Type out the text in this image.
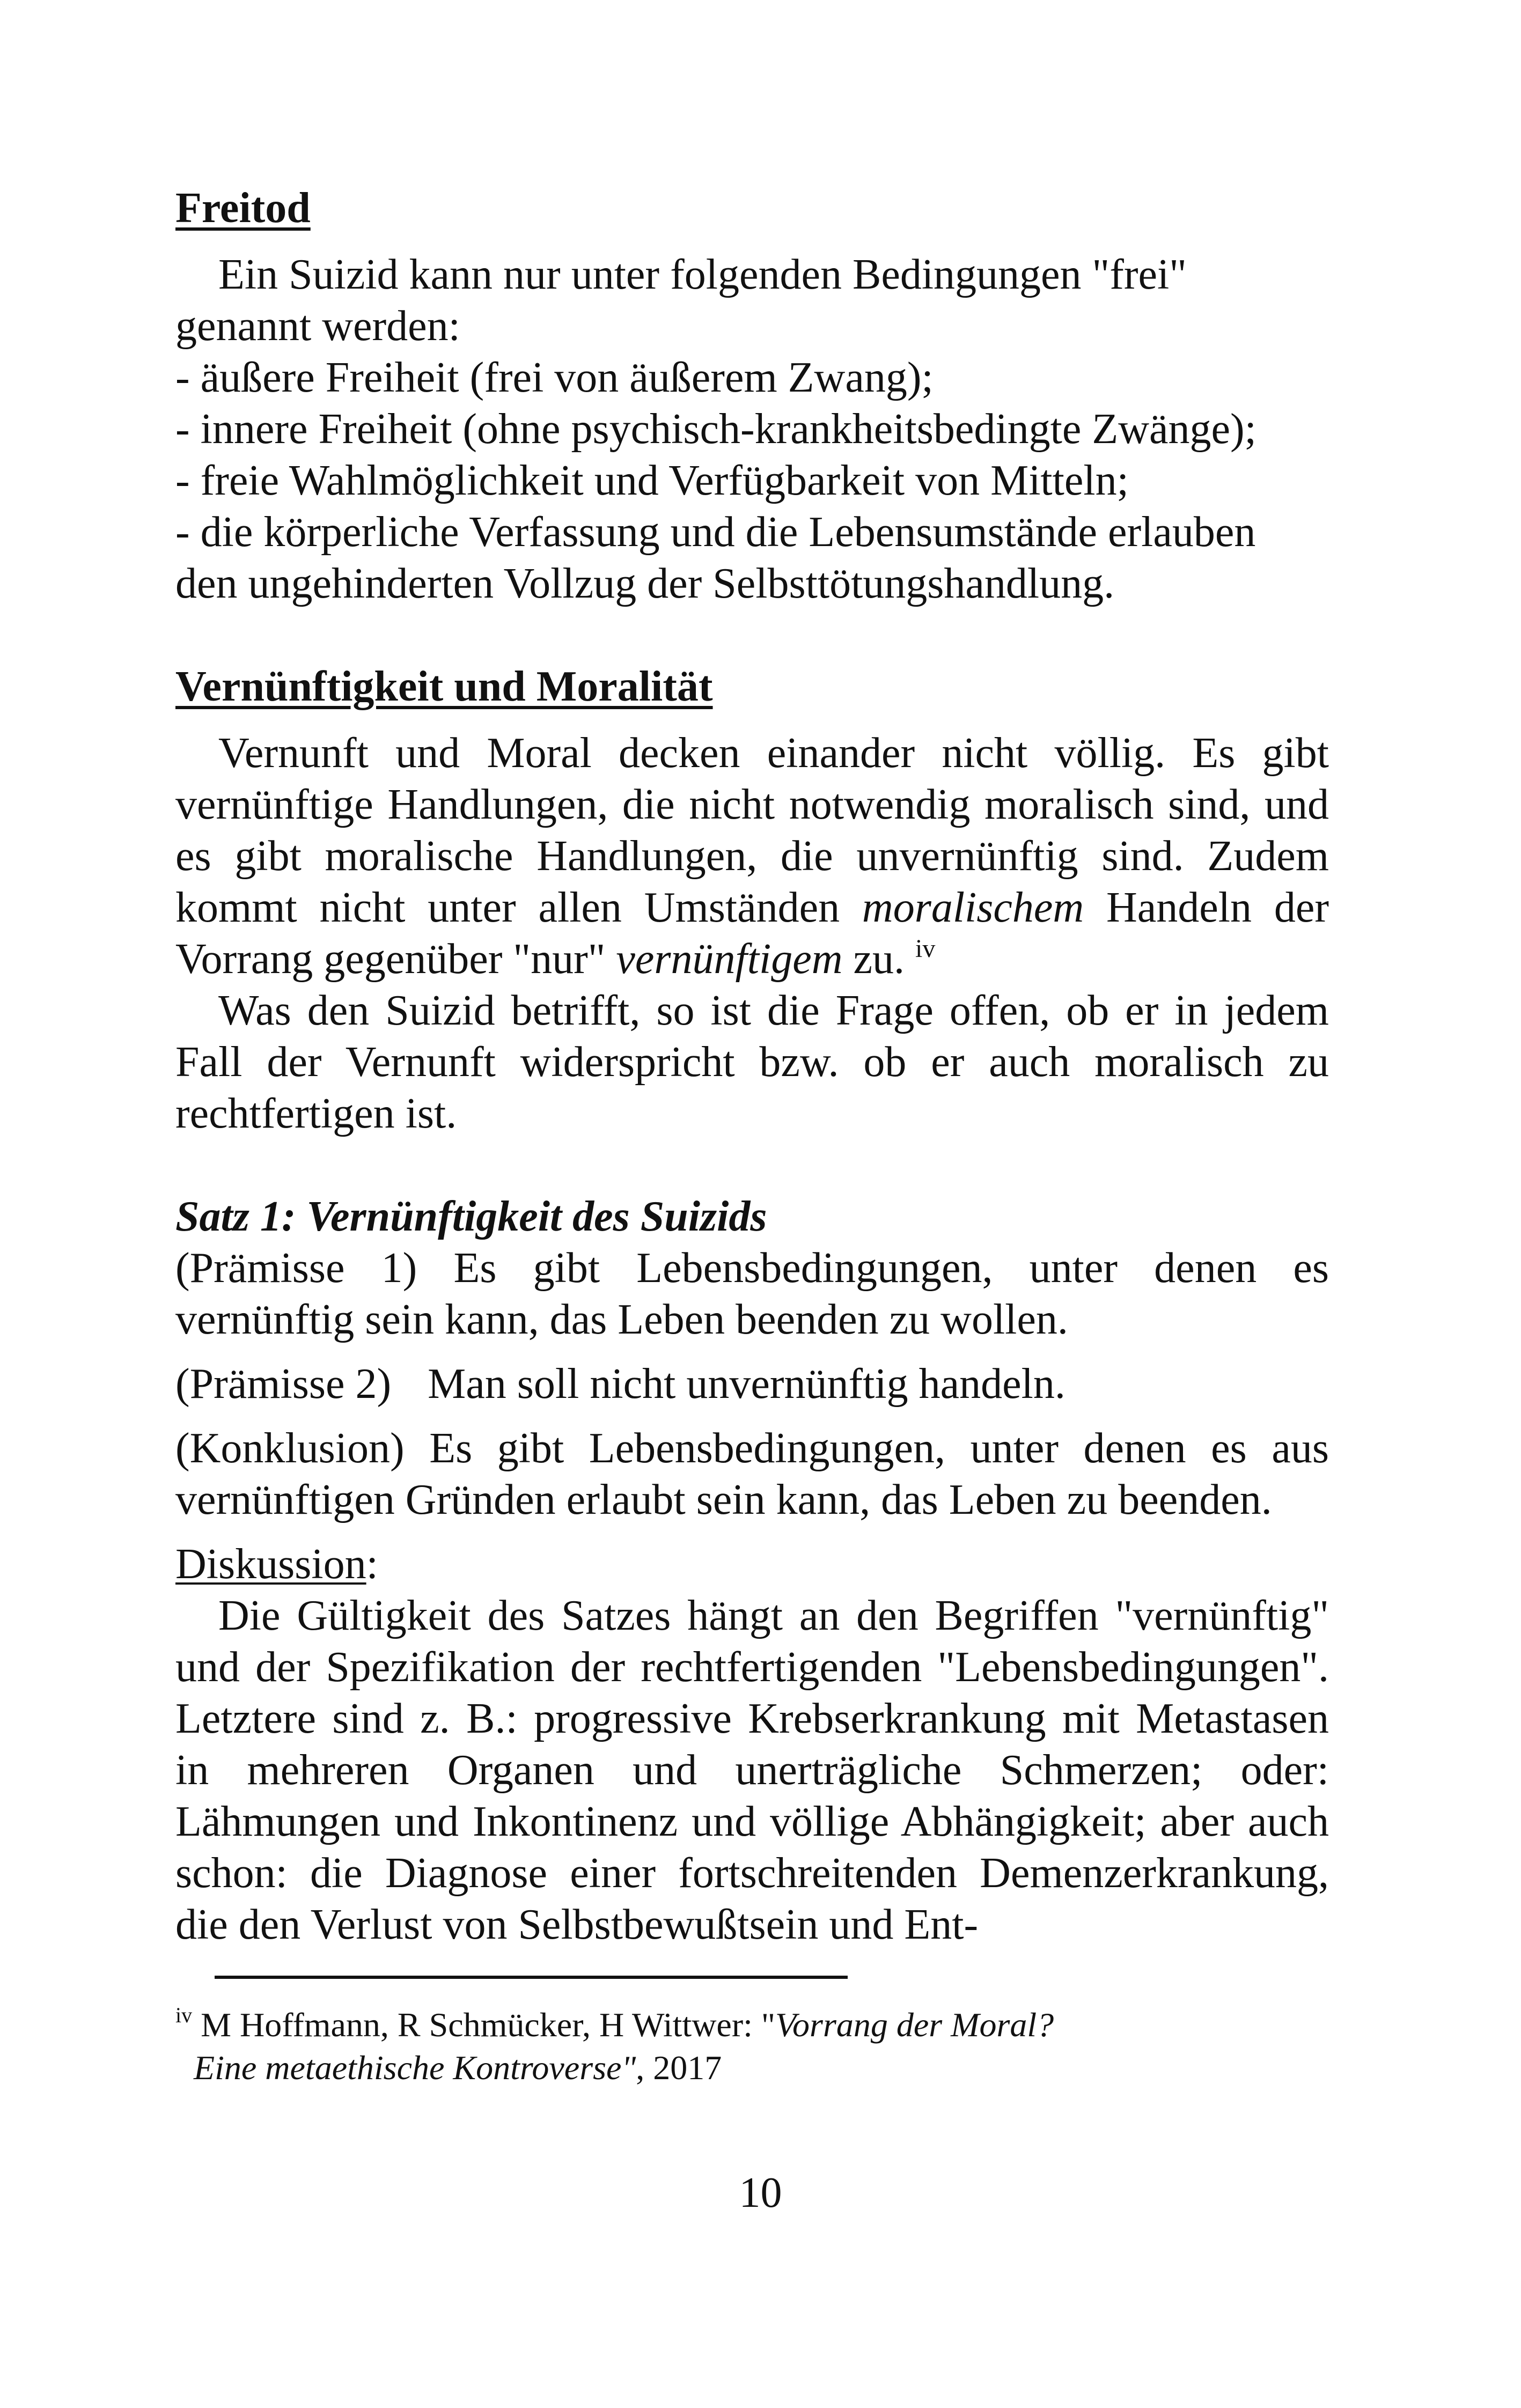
Freitod

Ein Suizid kann nur unter folgenden Bedingungen "frei"

genannt werden:

- äußere Freiheit (frei von äußerem Zwang);

- innere Freiheit (ohne psychisch-krankheitsbedingte Zwänge);

- freie Wahlmöglichkeit und Verfügbarkeit von Mitteln;

- die körperliche Verfassung und die Lebensumstände erlauben

den ungehinderten Vollzug der Selbsttötungshandlung.

Vernünftigkeit und Moralität

Vernunft und Moral decken einander nicht völlig. Es gibt vernünftige Handlungen, die nicht notwendig moralisch sind, und es gibt moralische Handlungen, die unvernünftig sind. Zudem kommt nicht unter allen Umständen moralischem Handeln der Vorrang gegenüber "nur" vernünftigem zu. $^{iv}$

Was den Suizid betrifft, so ist die Frage offen, ob er in jedem Fall der Vernunft widerspricht bzw. ob er auch moralisch zu rechtfertigen ist.

Satz 1: Vernünftigkeit des Suizids

(Prämisse 1) Es gibt Lebensbedingungen, unter denen es vernünftig sein kann, das Leben beenden zu wollen.

(Prämisse 2) Man soll nicht unvernünftig handeln.

(Konklusion) Es gibt Lebensbedingungen, unter denen es aus vernünftigen Gründen erlaubt sein kann, das Leben zu beenden.

Diskussion:

Die Gültigkeit des Satzes hängt an den Begriffen "vernünftig" und der Spezifikation der rechtfertigenden "Lebensbedingungen". Letztere sind z. B.: progressive Krebserkrankung mit Metastasen in mehreren Organen und unerträgliche Schmerzen; oder: Lähmungen und Inkontinenz und völlige Abhängigkeit; aber auch schon: die Diagnose einer fortschreitenden Demenzerkrankung, die den Verlust von Selbstbewußtsein und Ent-

$^{iv}$ M Hoffmann, R Schmücker, H Wittwer: "Vorrang der Moral?
Eine metaethische Kontroverse", 2017
10
